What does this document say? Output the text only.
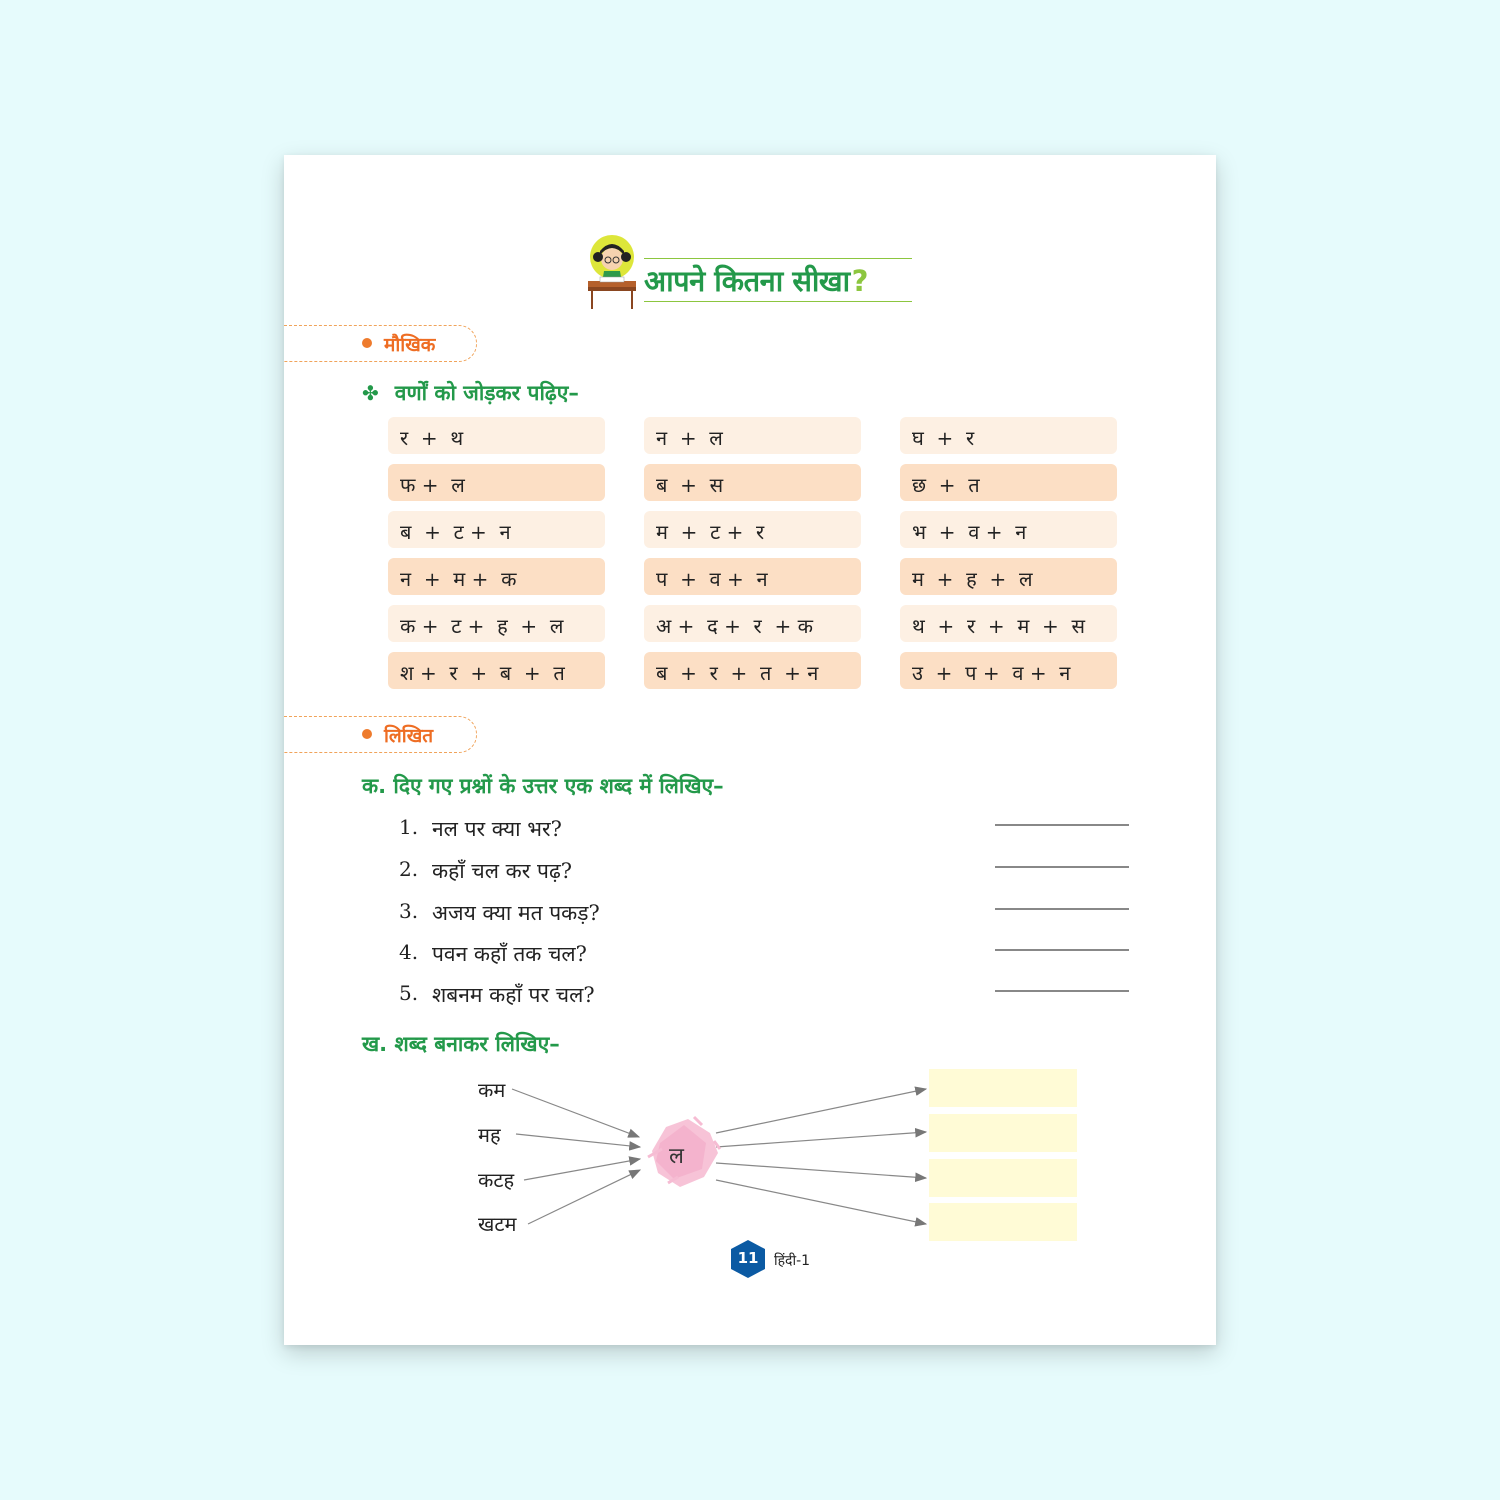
आपने कितना सीखा?
मौखिक
✤ वर्णों को जोड़कर पढ़िए–
र  +  थ	न  +  ल	घ  +  र
फ +  ल	ब  +  स	छ  +  त
ब  +  ट +  न	म  +  ट +  र	भ  +  व +  न
न  +  म +  क	प  +  व +  न	म  +  ह  +  ल
क +  ट +  ह  +  ल	अ +  द +  र  + क	थ  +  र  +  म  +  स
श +  र  +  ब  +  त	ब  +  र  +  त  + न	उ  +  प +  व +  न
लिखित
क. दिए गए प्रश्नों के उत्तर एक शब्द में लिखिए–
1. नल पर क्या भर?
2. कहाँ चल कर पढ़?
3. अजय क्या मत पकड़?
4. पवन कहाँ तक चल?
5. शबनम कहाँ पर चल?
ख. शब्द बनाकर लिखिए–
कम
मह
कटह
खटम
ल
11	हिंदी-1
